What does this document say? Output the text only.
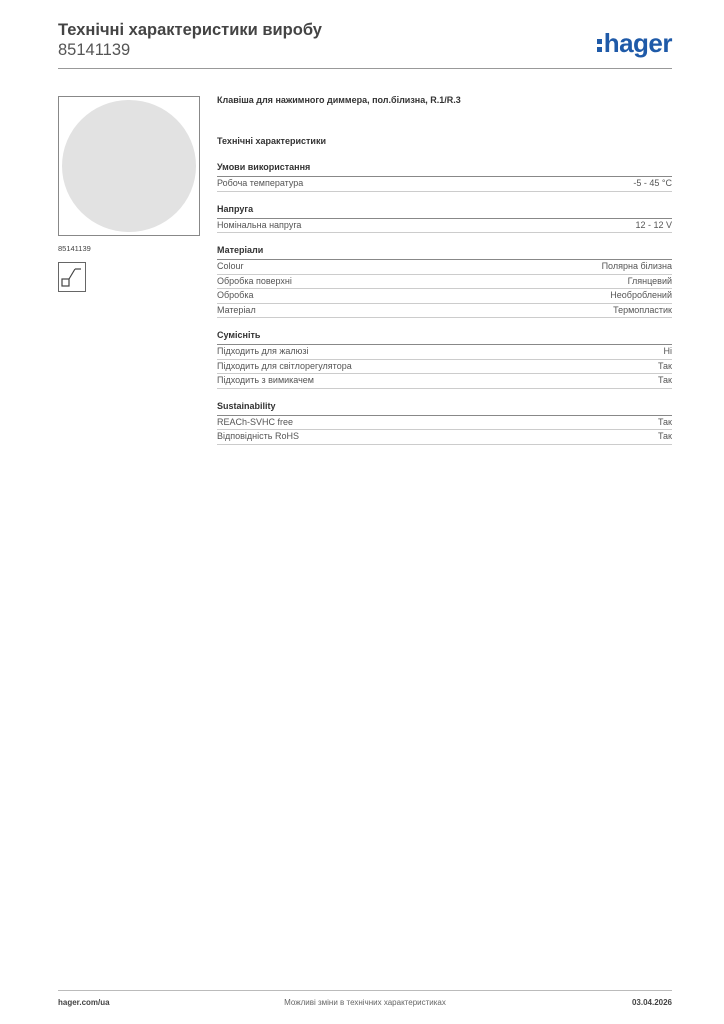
Технічні характеристики виробу
85141139	hager
85141139

Клавіша для нажимного диммера, пол.білизна, R.1/R.3

Технічні характеристики

Умови використання
Робоча температура	-5 - 45 °C
Напруга
Номінальна напруга	12 - 12 V
Матеріали
Colour	Полярна білизна
Обробка поверхні	Глянцевий
Обробка	Необроблений
Матеріал	Термопластик
Сумісніть
Підходить для жалюзі	Ні
Підходить для світлорегулятора	Так
Підходить з вимикачем	Так
Sustainability
REACh-SVHC free	Так
Відповідність RoHS	Так
hager.com/ua	Можливі зміни в технічних характеристиках	03.04.2026
